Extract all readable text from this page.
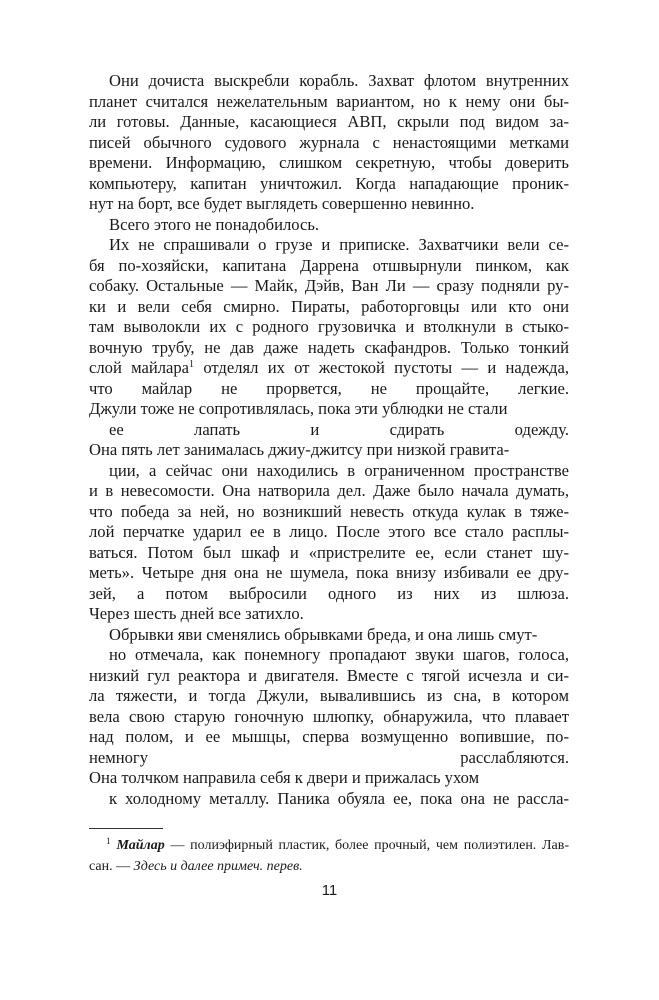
Они дочиста выскребли корабль. Захват флотом внутренних
планет считался нежелательным вариантом, но к нему они бы-
ли готовы. Данные, касающиеся АВП, скрыли под видом за-
писей обычного судового журнала с ненастоящими метками
времени. Информацию, слишком секретную, чтобы доверить
компьютеру, капитан уничтожил. Когда нападающие проник-
нут на борт, все будет выглядеть совершенно невинно.
Всего этого не понадобилось.
Их не спрашивали о грузе и приписке. Захватчики вели се-
бя по-хозяйски, капитана Даррена отшвырнули пинком, как
собаку. Остальные — Майк, Дэйв, Ван Ли — сразу подняли ру-
ки и вели себя смирно. Пираты, работорговцы или кто они
там выволокли их с родного грузовичка и втолкнули в стыко-
вочную трубу, не дав даже надеть скафандров. Только тонкий
слой майлара$^1$ отделял их от жестокой пустоты — и надежда,
что майлар не прорвется, не прощайте, легкие.
Джули тоже не сопротивлялась, пока эти ублюдки не стали
ее лапать и сдирать одежду.
Она пять лет занималась джиу-джитсу при низкой гравита-
ции, а сейчас они находились в ограниченном пространстве
и в невесомости. Она натворила дел. Даже было начала думать,
что победа за ней, но возникший невесть откуда кулак в тяже-
лой перчатке ударил ее в лицо. После этого все стало расплы-
ваться. Потом был шкаф и «пристрелите ее, если станет шу-
меть». Четыре дня она не шумела, пока внизу избивали ее дру-
зей, а потом выбросили одного из них из шлюза.
Через шесть дней все затихло.
Обрывки яви сменялись обрывками бреда, и она лишь смут-
но отмечала, как понемногу пропадают звуки шагов, голоса,
низкий гул реактора и двигателя. Вместе с тягой исчезла и си-
ла тяжести, и тогда Джули, вывалившись из сна, в котором
вела свою старую гоночную шлюпку, обнаружила, что плавает
над полом, и ее мышцы, сперва возмущенно вопившие, по-
немногу расслабляются.
Она толчком направила себя к двери и прижалась ухом
к холодному металлу. Паника обуяла ее, пока она не рассла-
$^1$ Майлар — полиэфирный пластик, более прочный, чем полиэтилен. Лав-
сан. — Здесь и далее примеч. перев.
11
